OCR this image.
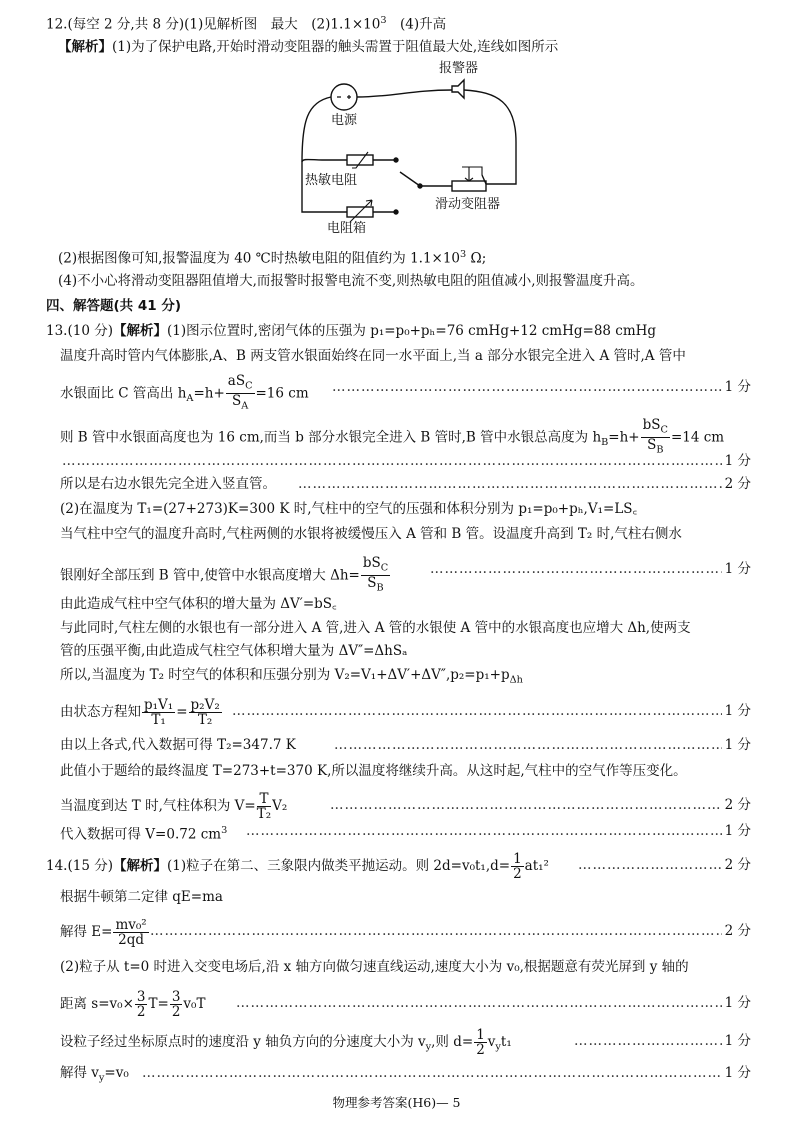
12.(每空 2 分,共 8 分)(1)见解析图　最大　$(2)1.1\times 10^3$　(4)升高
【解析】(1)为了保护电路,开始时滑动变阻器的触头需置于阻值最大处,连线如图所示
报警器
电源
热敏电阻
滑动变阻器
电阻箱
(2)根据图像可知,报警温度为 40 ℃时热敏电阻的阻值约为 $1.1\times 10^3$ Ω;
(4)不小心将滑动变阻器阻值增大,而报警时报警电流不变,则热敏电阻的阻值减小,则报警温度升高。
四、解答题(共 41 分)
13.(10 分)【解析】(1)图示位置时,密闭气体的压强为 p₁=p₀+pₕ=76 cmHg+12 cmHg=88 cmHg
温度升高时管内气体膨胀,A、B 两支管水银面始终在同一水平面上,当 a 部分水银完全进入 A 管时,A 管中
水银面比 C 管高出 $h_A=h+ \frac{aS_C}{S_A} =16$ cm ……………………………………………………………………………………………………………………………………………………………………………………………………………………	1 分
则 B 管中水银面高度也为 16 cm,而当 b 部分水银完全进入 B 管时,B 管中水银总高度为 $h_B=h+ \frac{bS_C}{S_B} =14$ cm
……………………………………………………………………………………………………………………………………………………………………………………………………………………
1 分
所以是右边水银先完全进入竖直管。 ……………………………………………………………………………………………………………………………………………………………………………………………………………………	2 分
(2)在温度为 T₁=(27+273)K=300 K 时,气柱中的空气的压强和体积分别为 p₁=p₀+pₕ,V₁=LS꜀
当气柱中空气的温度升高时,气柱两侧的水银将被缓慢压入 A 管和 B 管。设温度升高到 T₂ 时,气柱右侧水
银刚好全部压到 B 管中,使管中水银高度增大 $\Delta h= \frac{bS_C}{S_B}$ ……………………………………………………………………………………………………………………………………………………………………………………………………………………	1 分
由此造成气柱中空气体积的增大量为 ΔV′=bS꜀
与此同时,气柱左侧的水银也有一部分进入 A 管,进入 A 管的水银使 A 管中的水银高度也应增大 Δh,使两支
管的压强平衡,由此造成气柱空气体积增大量为 ΔV″=ΔhSₐ
所以,当温度为 T₂ 时空气的体积和压强分别为 $V_2=V_1+\Delta V'+\Delta V'',p_2=p_1+p_{\Delta h}$
由状态方程知 $\frac{\text{p₁V₁}}{\text{T₁}} = \frac{\text{p₂V₂}}{\text{T₂}}$ ……………………………………………………………………………………………………………………………………………………………………………………………………………………	1 分
由以上各式,代入数据可得 T₂=347.7 K ……………………………………………………………………………………………………………………………………………………………………………………………………………………	1 分
此值小于题给的最终温度 T=273+t=370 K,所以温度将继续升高。从这时起,气柱中的空气作等压变化。
当温度到达 T 时,气柱体积为 $V= \frac{T}{\text{T₂}} V_2$ ……………………………………………………………………………………………………………………………………………………………………………………………………………………	2 分
代入数据可得 V=0.72 $cm^3$ ……………………………………………………………………………………………………………………………………………………………………………………………………………………	1 分
14.(15 分)【解析】(1)粒子在第二、三象限内做类平抛运动。则 $2d=v_0t_1,d= \frac{1}{2} at_1^2$ ……………………………………………………………………………………………………………………………………………………………………………………………………………………	2 分
根据牛顿第二定律 qE=ma
解得 $E= \frac{\text{mv₀²}}{2qd}$ ……………………………………………………………………………………………………………………………………………………………………………………………………………………	2 分
(2)粒子从 t=0 时进入交变电场后,沿 x 轴方向做匀速直线运动,速度大小为 v₀,根据题意有荧光屏到 y 轴的
距离 $s=v_0\times \frac{3}{2} T= \frac{3}{2} v_0T$ ……………………………………………………………………………………………………………………………………………………………………………………………………………………	1 分
设粒子经过坐标原点时的速度沿 y 轴负方向的分速度大小为 $v_y$,则 $d= \frac{1}{2} v_yt_1$ ……………………………………………………………………………………………………………………………………………………………………………………………………………………	1 分
解得 $v_y=v_0$ ……………………………………………………………………………………………………………………………………………………………………………………………………………………	1 分
物理参考答案(H6)— 5
